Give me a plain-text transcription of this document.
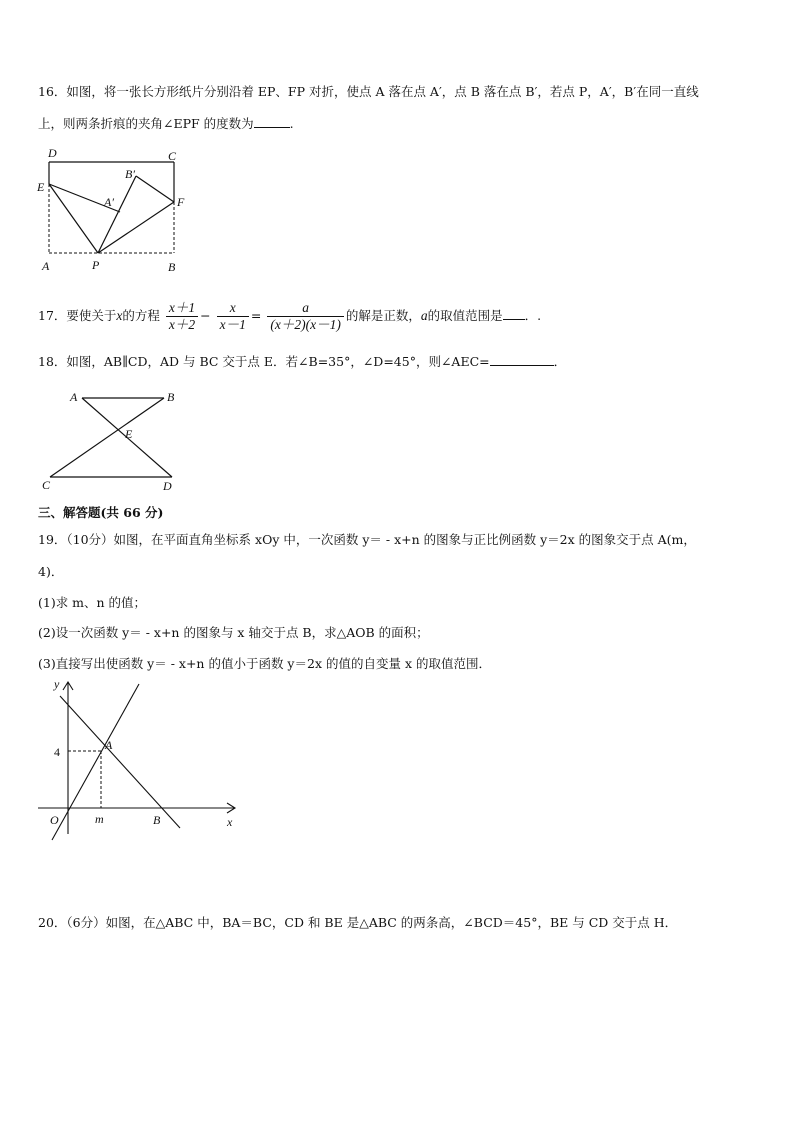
16．如图，将一张长方形纸片分别沿着 EP、FP 对折，使点 A 落在点 A′，点 B 落在点 B′，若点 P，A′，B′在同一直线
上，则两条折痕的夹角∠EPF 的度数为	.
D	C
E
B′
A′	F
A	P	B
17．要使关于x的方程 $\frac{x+1}{x+2} - \frac{x}{x-1} = \frac{a}{(x+2)(x-1)}$ 的解是正数，a的取值范围是 ．.
18．如图，AB∥CD，AD 与 BC 交于点 E．若∠B=35°，∠D=45°，则∠AEC=	．
A	B
E
C	D
三、解答题(共 66 分)
19．（10分）如图，在平面直角坐标系 xOy 中，一次函数 y＝ - x+n 的图象与正比例函数 y＝2x 的图象交于点 A(m，
4)．
(1)求 m、n 的值；
(2)设一次函数 y＝ - x+n 的图象与 x 轴交于点 B，求△AOB 的面积；
(3)直接写出使函数 y＝ - x+n 的值小于函数 y＝2x 的值的自变量 x 的取值范围．
y
x
O
4	A
m	B
20．（6分）如图，在△ABC 中，BA＝BC，CD 和 BE 是△ABC 的两条高，∠BCD＝45°，BE 与 CD 交于点 H．
